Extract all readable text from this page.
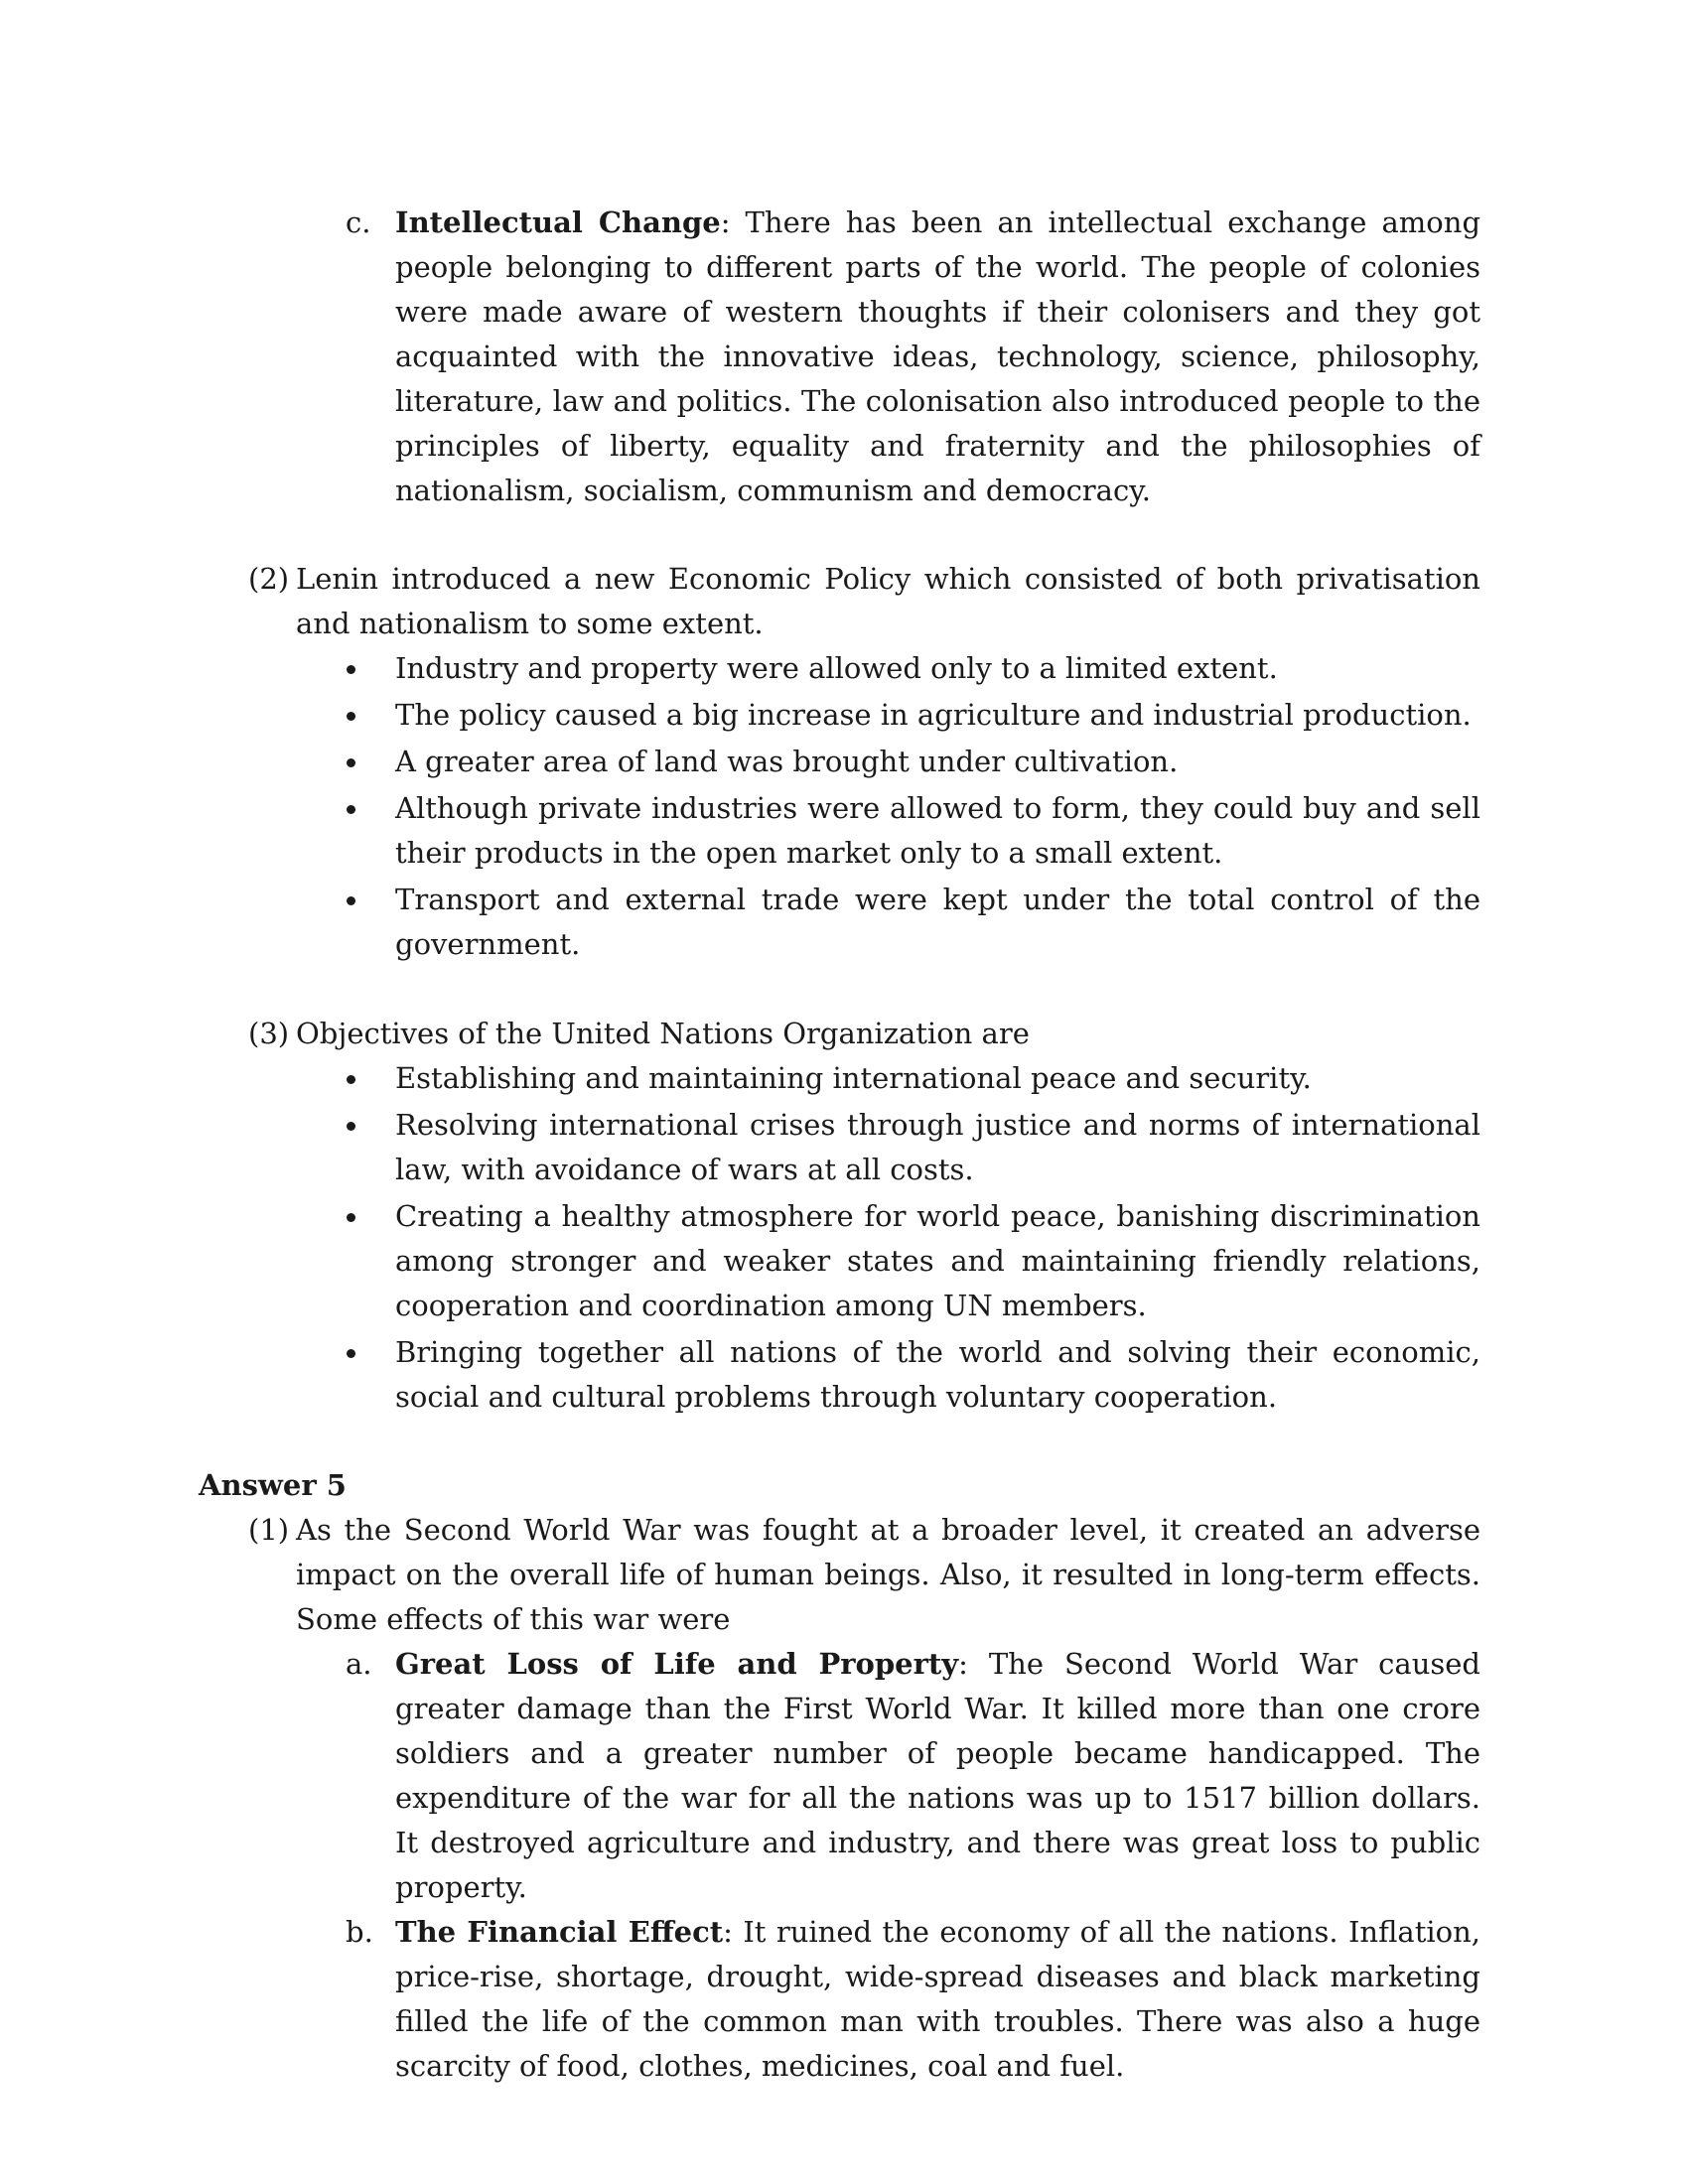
c. Intellectual Change: There has been an intellectual exchange among people belonging to different parts of the world. The people of colonies were made aware of western thoughts if their colonisers and they got acquainted with the innovative ideas, technology, science, philosophy, literature, law and politics. The colonisation also introduced people to the principles of liberty, equality and fraternity and the philosophies of nationalism, socialism, communism and democracy.
(2) Lenin introduced a new Economic Policy which consisted of both privatisation and nationalism to some extent.
Industry and property were allowed only to a limited extent.
The policy caused a big increase in agriculture and industrial production.
A greater area of land was brought under cultivation.
Although private industries were allowed to form, they could buy and sell their products in the open market only to a small extent.
Transport and external trade were kept under the total control of the government.
(3) Objectives of the United Nations Organization are
Establishing and maintaining international peace and security.
Resolving international crises through justice and norms of international law, with avoidance of wars at all costs.
Creating a healthy atmosphere for world peace, banishing discrimination among stronger and weaker states and maintaining friendly relations, cooperation and coordination among UN members.
Bringing together all nations of the world and solving their economic, social and cultural problems through voluntary cooperation.
Answer 5
(1) As the Second World War was fought at a broader level, it created an adverse impact on the overall life of human beings. Also, it resulted in long-term effects. Some effects of this war were
a. Great Loss of Life and Property: The Second World War caused greater damage than the First World War. It killed more than one crore soldiers and a greater number of people became handicapped. The expenditure of the war for all the nations was up to 1517 billion dollars. It destroyed agriculture and industry, and there was great loss to public property.
b. The Financial Effect: It ruined the economy of all the nations. Inflation, price-rise, shortage, drought, wide-spread diseases and black marketing filled the life of the common man with troubles. There was also a huge scarcity of food, clothes, medicines, coal and fuel.
